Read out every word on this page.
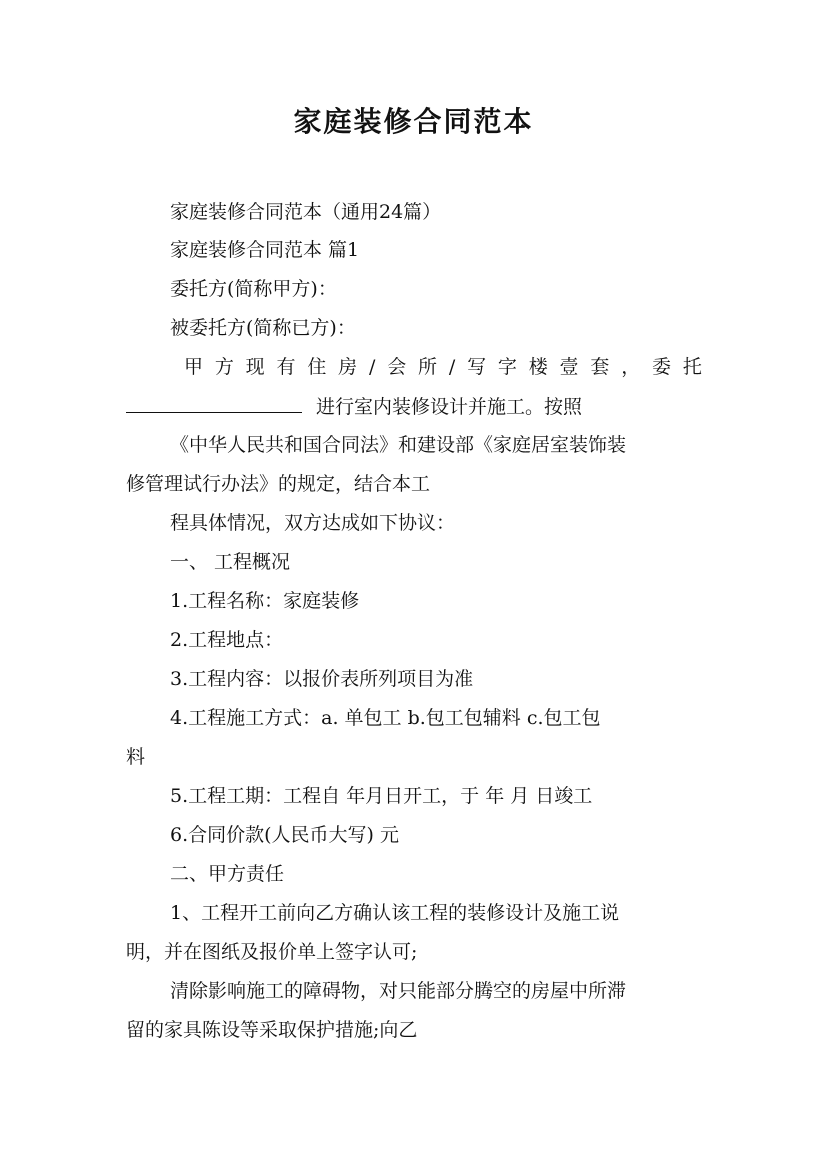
家庭装修合同范本
家庭装修合同范本（通用24篇）
家庭装修合同范本 篇1
委托方(简称甲方)：
被委托方(简称已方)：
甲 方 现 有 住 房 / 会 所 / 写 字 楼 壹 套 ， 委 托
进行室内装修设计并施工。按照
《中华人民共和国合同法》和建设部《家庭居室装饰装
修管理试行办法》的规定，结合本工
程具体情况，双方达成如下协议：
一、 工程概况
1.工程名称：家庭装修
2.工程地点：
3.工程内容：以报价表所列项目为准
4.工程施工方式：a. 单包工 b.包工包辅料 c.包工包
料
5.工程工期：工程自 年月日开工，于 年 月 日竣工
6.合同价款(人民币大写) 元
二、甲方责任
1、工程开工前向乙方确认该工程的装修设计及施工说
明，并在图纸及报价单上签字认可;
清除影响施工的障碍物，对只能部分腾空的房屋中所滞
留的家具陈设等采取保护措施;向乙
